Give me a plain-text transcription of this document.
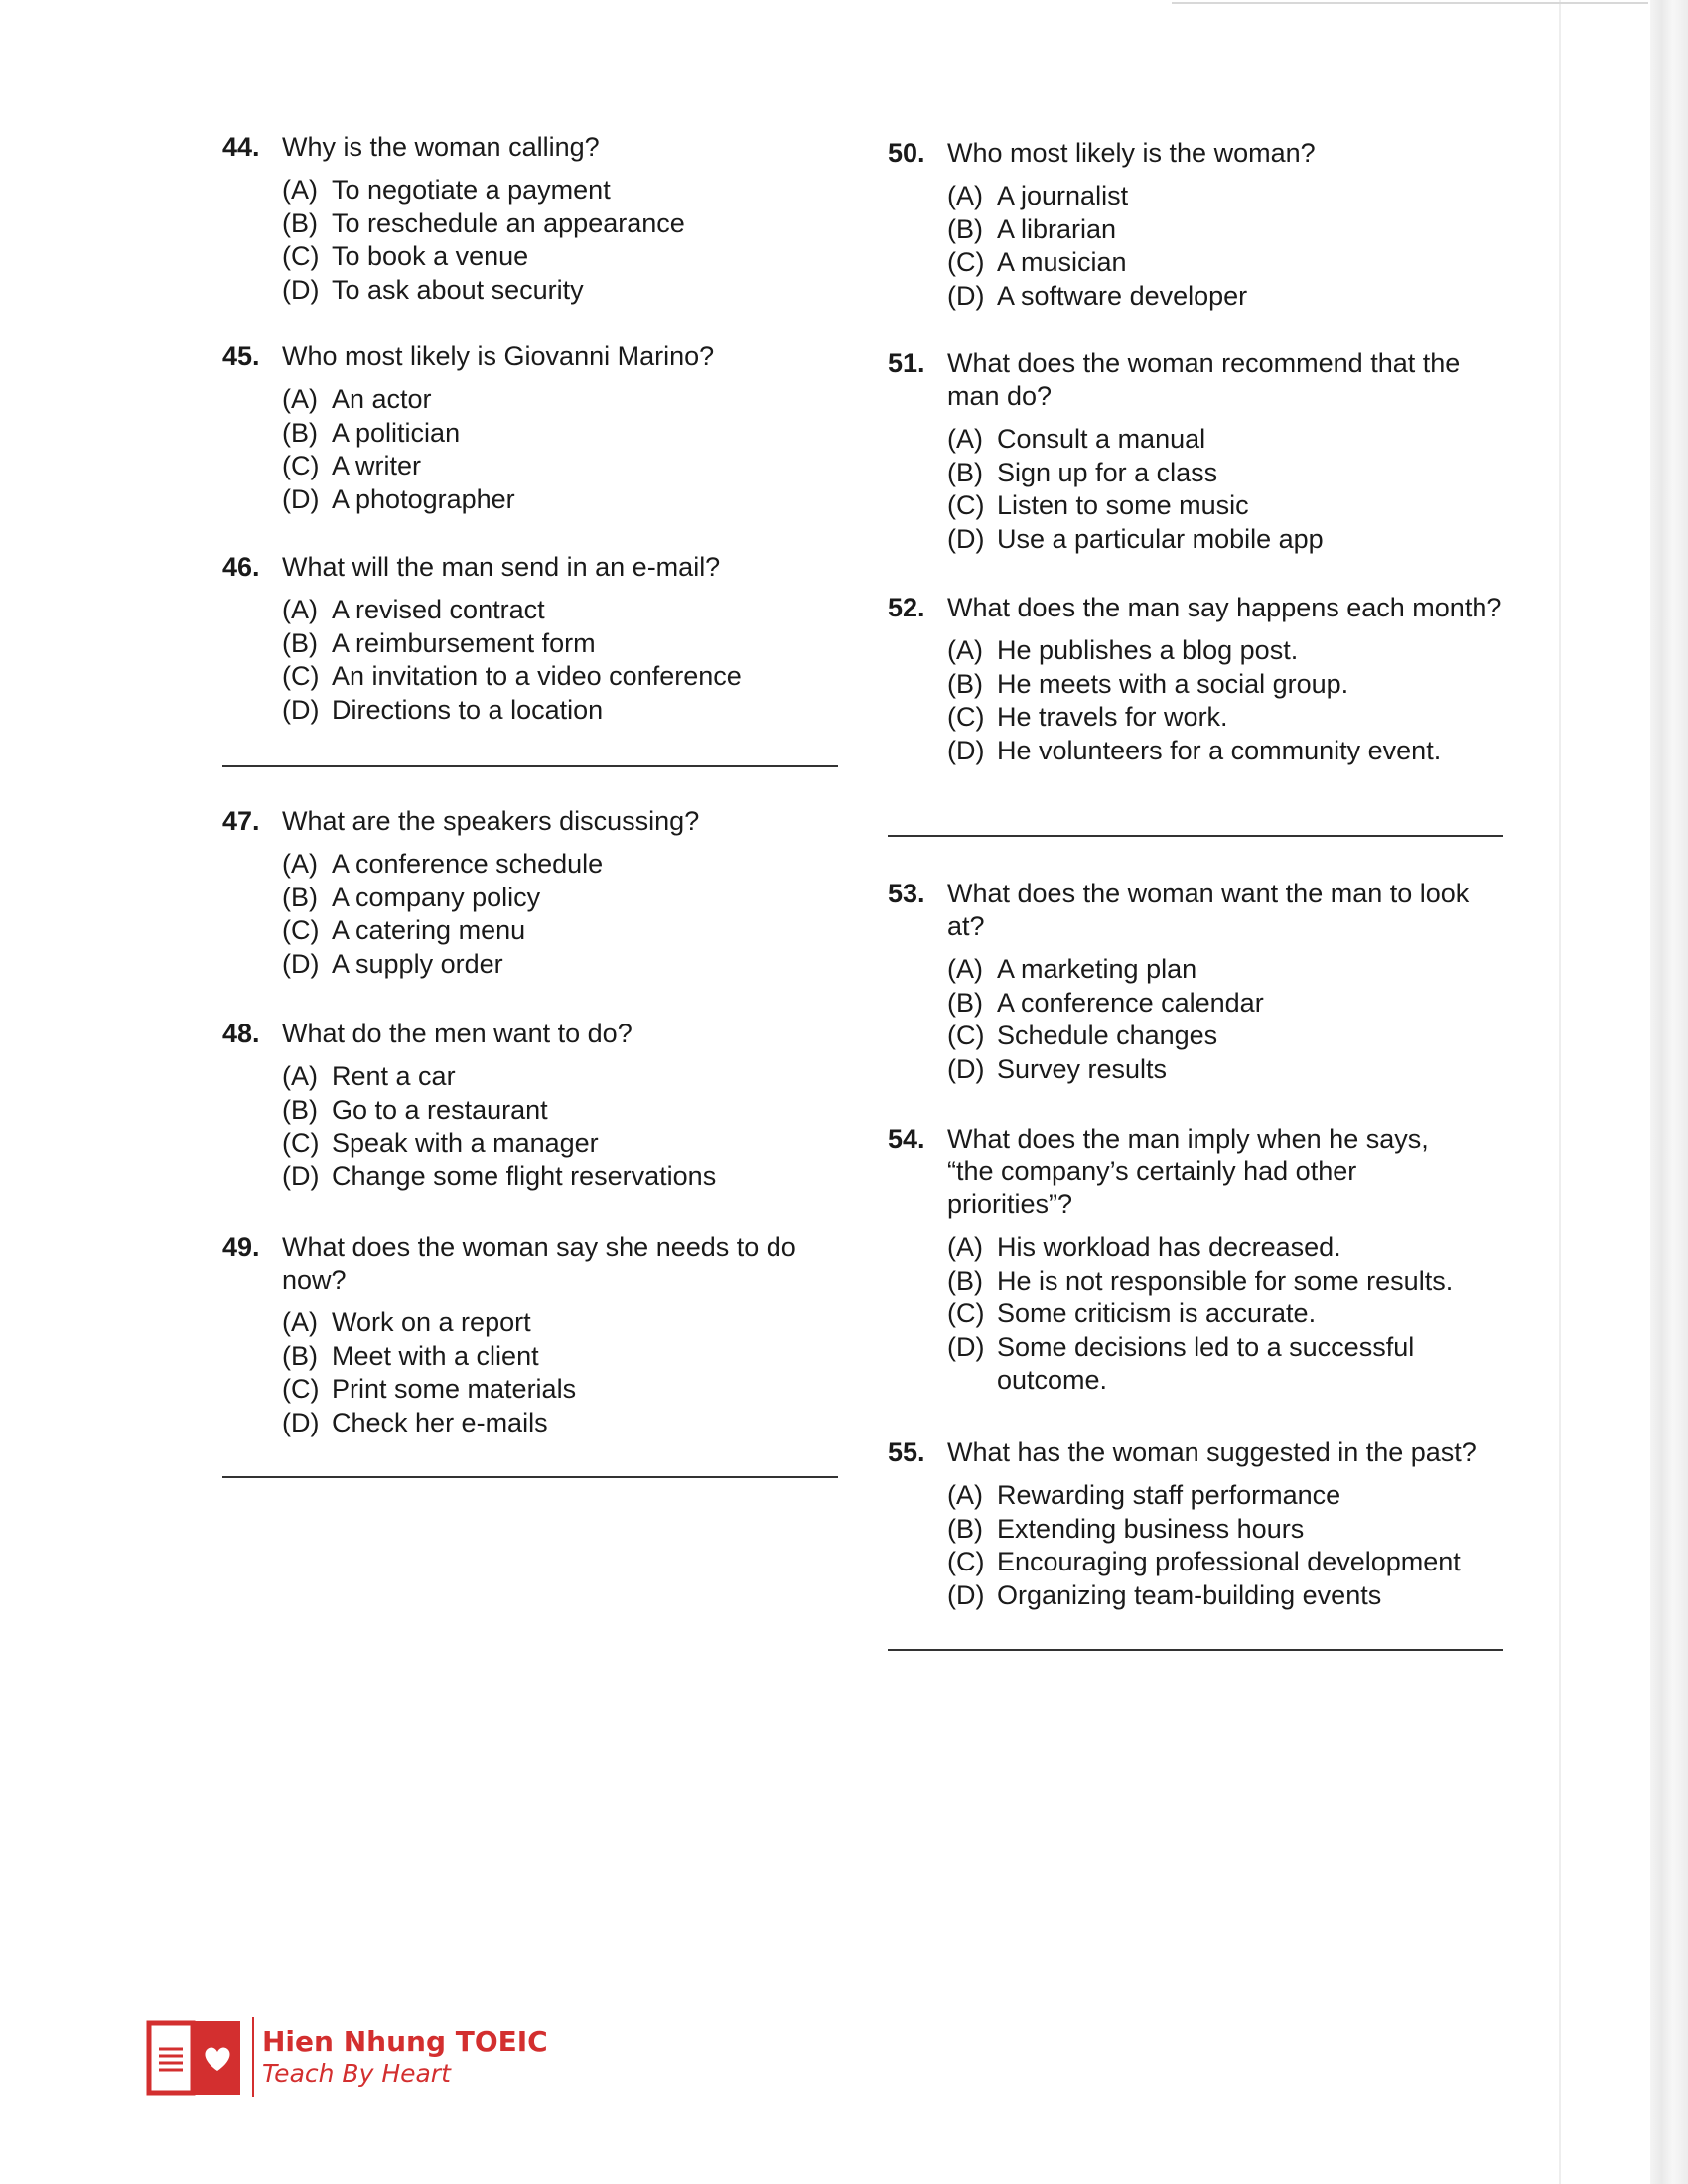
44. Why is the woman calling?
(A) To negotiate a payment
(B) To reschedule an appearance
(C) To book a venue
(D) To ask about security
45. Who most likely is Giovanni Marino?
(A) An actor
(B) A politician
(C) A writer
(D) A photographer
46. What will the man send in an e-mail?
(A) A revised contract
(B) A reimbursement form
(C) An invitation to a video conference
(D) Directions to a location
47. What are the speakers discussing?
(A) A conference schedule
(B) A company policy
(C) A catering menu
(D) A supply order
48. What do the men want to do?
(A) Rent a car
(B) Go to a restaurant
(C) Speak with a manager
(D) Change some flight reservations
49. What does the woman say she needs to do now?
(A) Work on a report
(B) Meet with a client
(C) Print some materials
(D) Check her e-mails
50. Who most likely is the woman?
(A) A journalist
(B) A librarian
(C) A musician
(D) A software developer
51. What does the woman recommend that the man do?
(A) Consult a manual
(B) Sign up for a class
(C) Listen to some music
(D) Use a particular mobile app
52. What does the man say happens each month?
(A) He publishes a blog post.
(B) He meets with a social group.
(C) He travels for work.
(D) He volunteers for a community event.
53. What does the woman want the man to look at?
(A) A marketing plan
(B) A conference calendar
(C) Schedule changes
(D) Survey results
54. What does the man imply when he says, “the company’s certainly had other priorities”?
(A) His workload has decreased.
(B) He is not responsible for some results.
(C) Some criticism is accurate.
(D) Some decisions led to a successful outcome.
55. What has the woman suggested in the past?
(A) Rewarding staff performance
(B) Extending business hours
(C) Encouraging professional development
(D) Organizing team-building events
Hien Nhung TOEIC
Teach By Heart
